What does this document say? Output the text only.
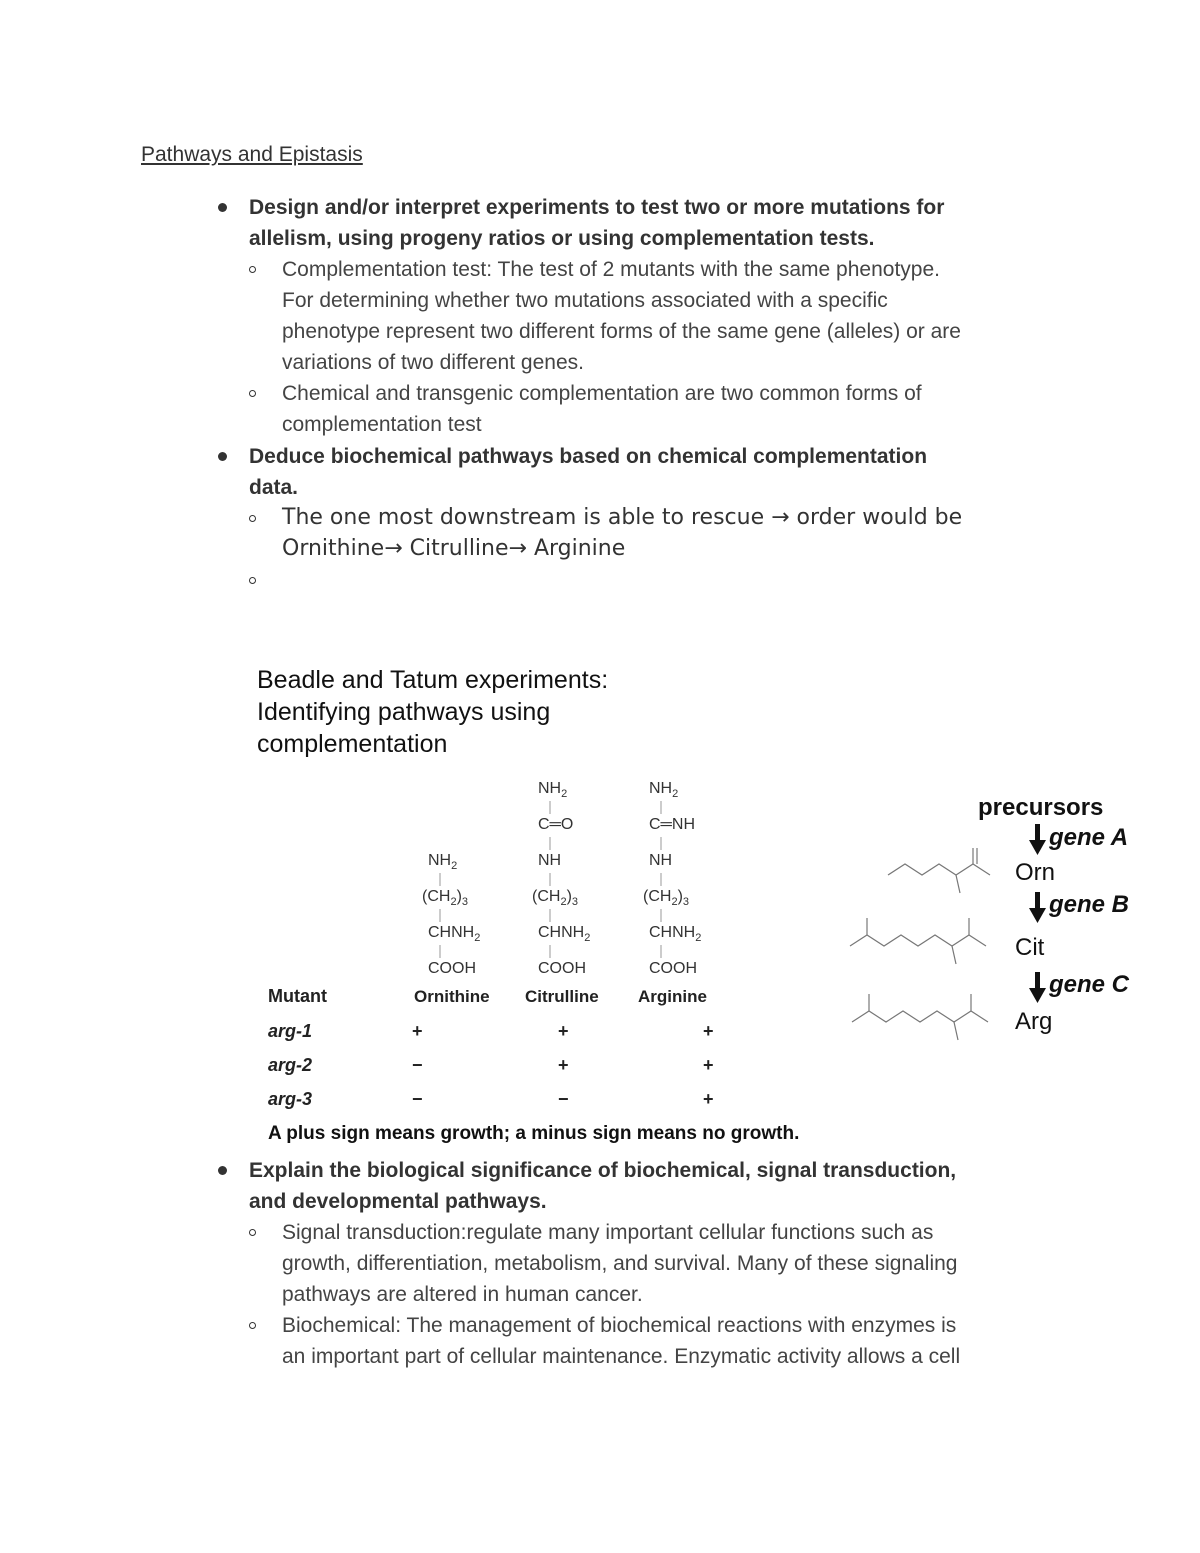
Pathways and Epistasis
Design and/or interpret experiments to test two or more mutations for
allelism, using progeny ratios or using complementation tests.
Complementation test: The test of 2 mutants with the same phenotype.
For determining whether two mutations associated with a specific
phenotype represent two different forms of the same gene (alleles) or are
variations of two different genes.
Chemical and transgenic complementation are two common forms of
complementation test
Deduce biochemical pathways based on chemical complementation
data.
The one most downstream is able to rescue → order would be
Ornithine→ Citrulline→ Arginine
Beadle and Tatum experiments:
Identifying pathways using
complementation
$NH_2$
$(CH_2)_3$
$CHNH_2$
COOH
$NH_2$
C═O
NH
$(CH_2)_3$
$CHNH_2$
COOH
$NH_2$
C═NH
NH
$(CH_2)_3$
$CHNH_2$
COOH
Mutant	Ornithine Citrulline Arginine
arg-1	+	+	+
arg-2	−	+	+
arg-3	−	−	+
A plus sign means growth; a minus sign means no growth.
precursors
gene A
Orn
gene B
Cit
gene C
Arg
Explain the biological significance of biochemical, signal transduction,
and developmental pathways.
Signal transduction:regulate many important cellular functions such as
growth, differentiation, metabolism, and survival. Many of these signaling
pathways are altered in human cancer.
Biochemical: The management of biochemical reactions with enzymes is
an important part of cellular maintenance. Enzymatic activity allows a cell
